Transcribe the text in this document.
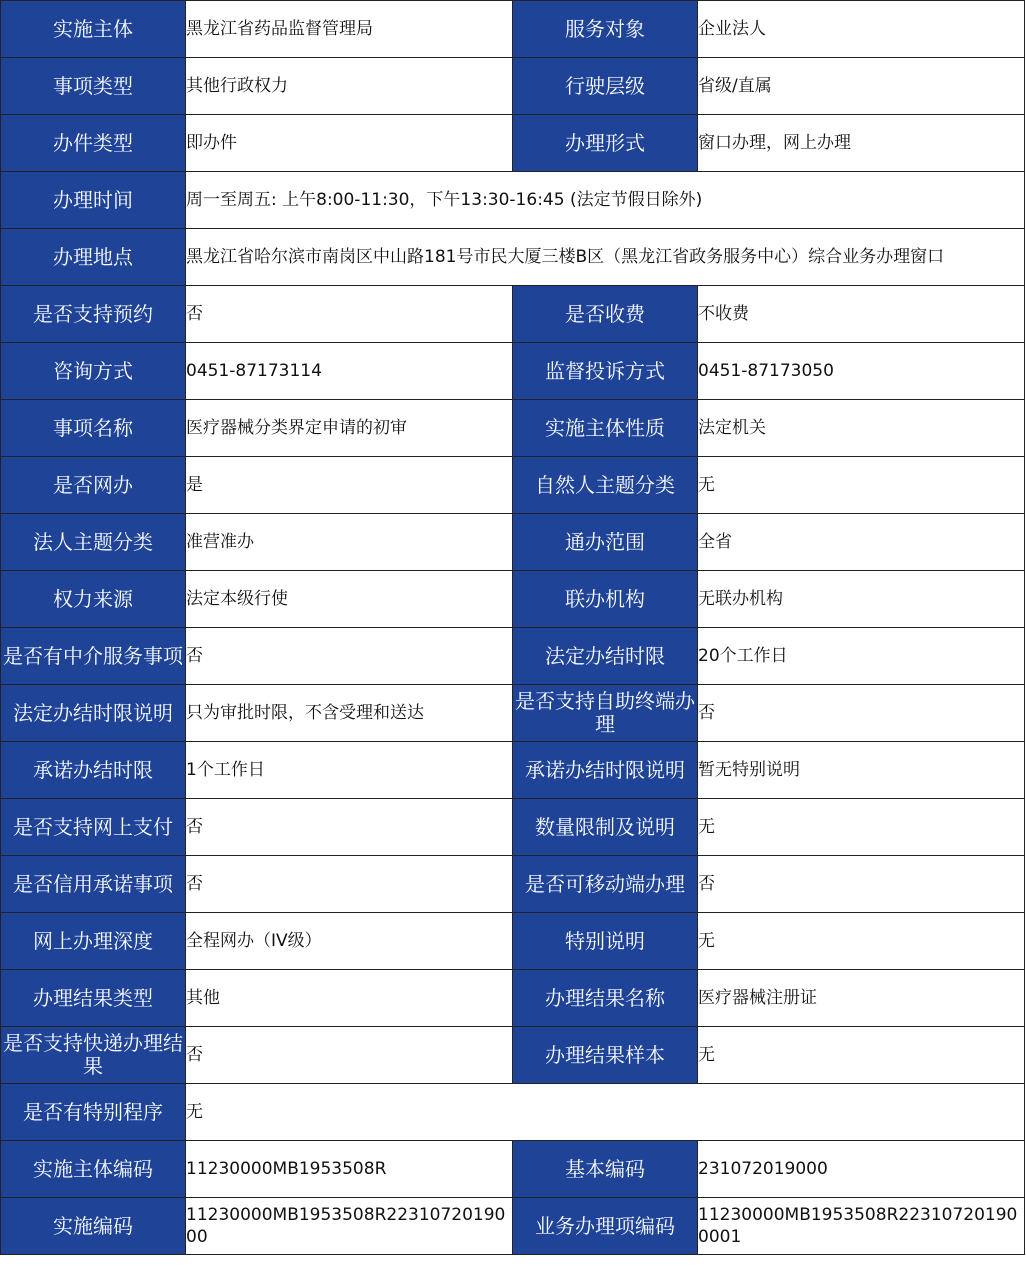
实施主体	黑龙江省药品监督管理局	服务对象	企业法人
事项类型	其他行政权力	行驶层级	省级/直属
办件类型	即办件	办理形式	窗口办理，网上办理
办理时间	周一至周五: 上午8:00-11:30，下午13:30-16:45 (法定节假日除外)		
办理地点	黑龙江省哈尔滨市南岗区中山路181号市民大厦三楼B区（黑龙江省政务服务中心）综合业务办理窗口		
是否支持预约	否	是否收费	不收费
咨询方式	0451-87173114	监督投诉方式	0451-87173050
事项名称	医疗器械分类界定申请的初审	实施主体性质	法定机关
是否网办	是	自然人主题分类	无
法人主题分类	准营准办	通办范围	全省
权力来源	法定本级行使	联办机构	无联办机构
是否有中介服务事项	否	法定办结时限	20个工作日
法定办结时限说明	只为审批时限，不含受理和送达	是否支持自助终端办理	否
承诺办结时限	1个工作日	承诺办结时限说明	暂无特别说明
是否支持网上支付	否	数量限制及说明	无
是否信用承诺事项	否	是否可移动端办理	否
网上办理深度	全程网办（IV级）	特别说明	无
办理结果类型	其他	办理结果名称	医疗器械注册证
是否支持快递办理结果	否	办理结果样本	无
是否有特别程序	无		
实施主体编码	11230000MB1953508R	基本编码	231072019000
实施编码	11230000MB1953508R2231072019000	业务办理项编码	11230000MB1953508R223107201900001
